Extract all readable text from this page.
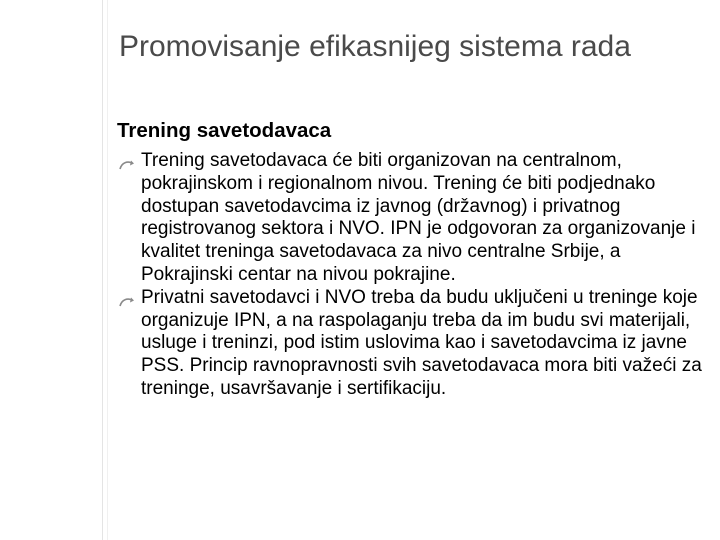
Promovisanje efikasnijeg sistema rada
Trening savetodavaca
Trening savetodavaca će biti organizovan na centralnom, pokrajinskom i regionalnom nivou. Trening će biti podjednako dostupan savetodavcima iz javnog (državnog) i privatnog registrovanog sektora i NVO. IPN je odgovoran za organizovanje i kvalitet treninga savetodavaca za nivo centralne Srbije, a Pokrajinski centar na nivou pokrajine.
Privatni savetodavci i NVO treba da budu uključeni u treninge koje organizuje IPN, a na raspolaganju treba da im budu svi materijali, usluge i treninzi, pod istim uslovima kao i savetodavcima iz javne PSS. Princip ravnopravnosti svih savetodavaca mora biti važeći za treninge, usavršavanje i sertifikaciju.
